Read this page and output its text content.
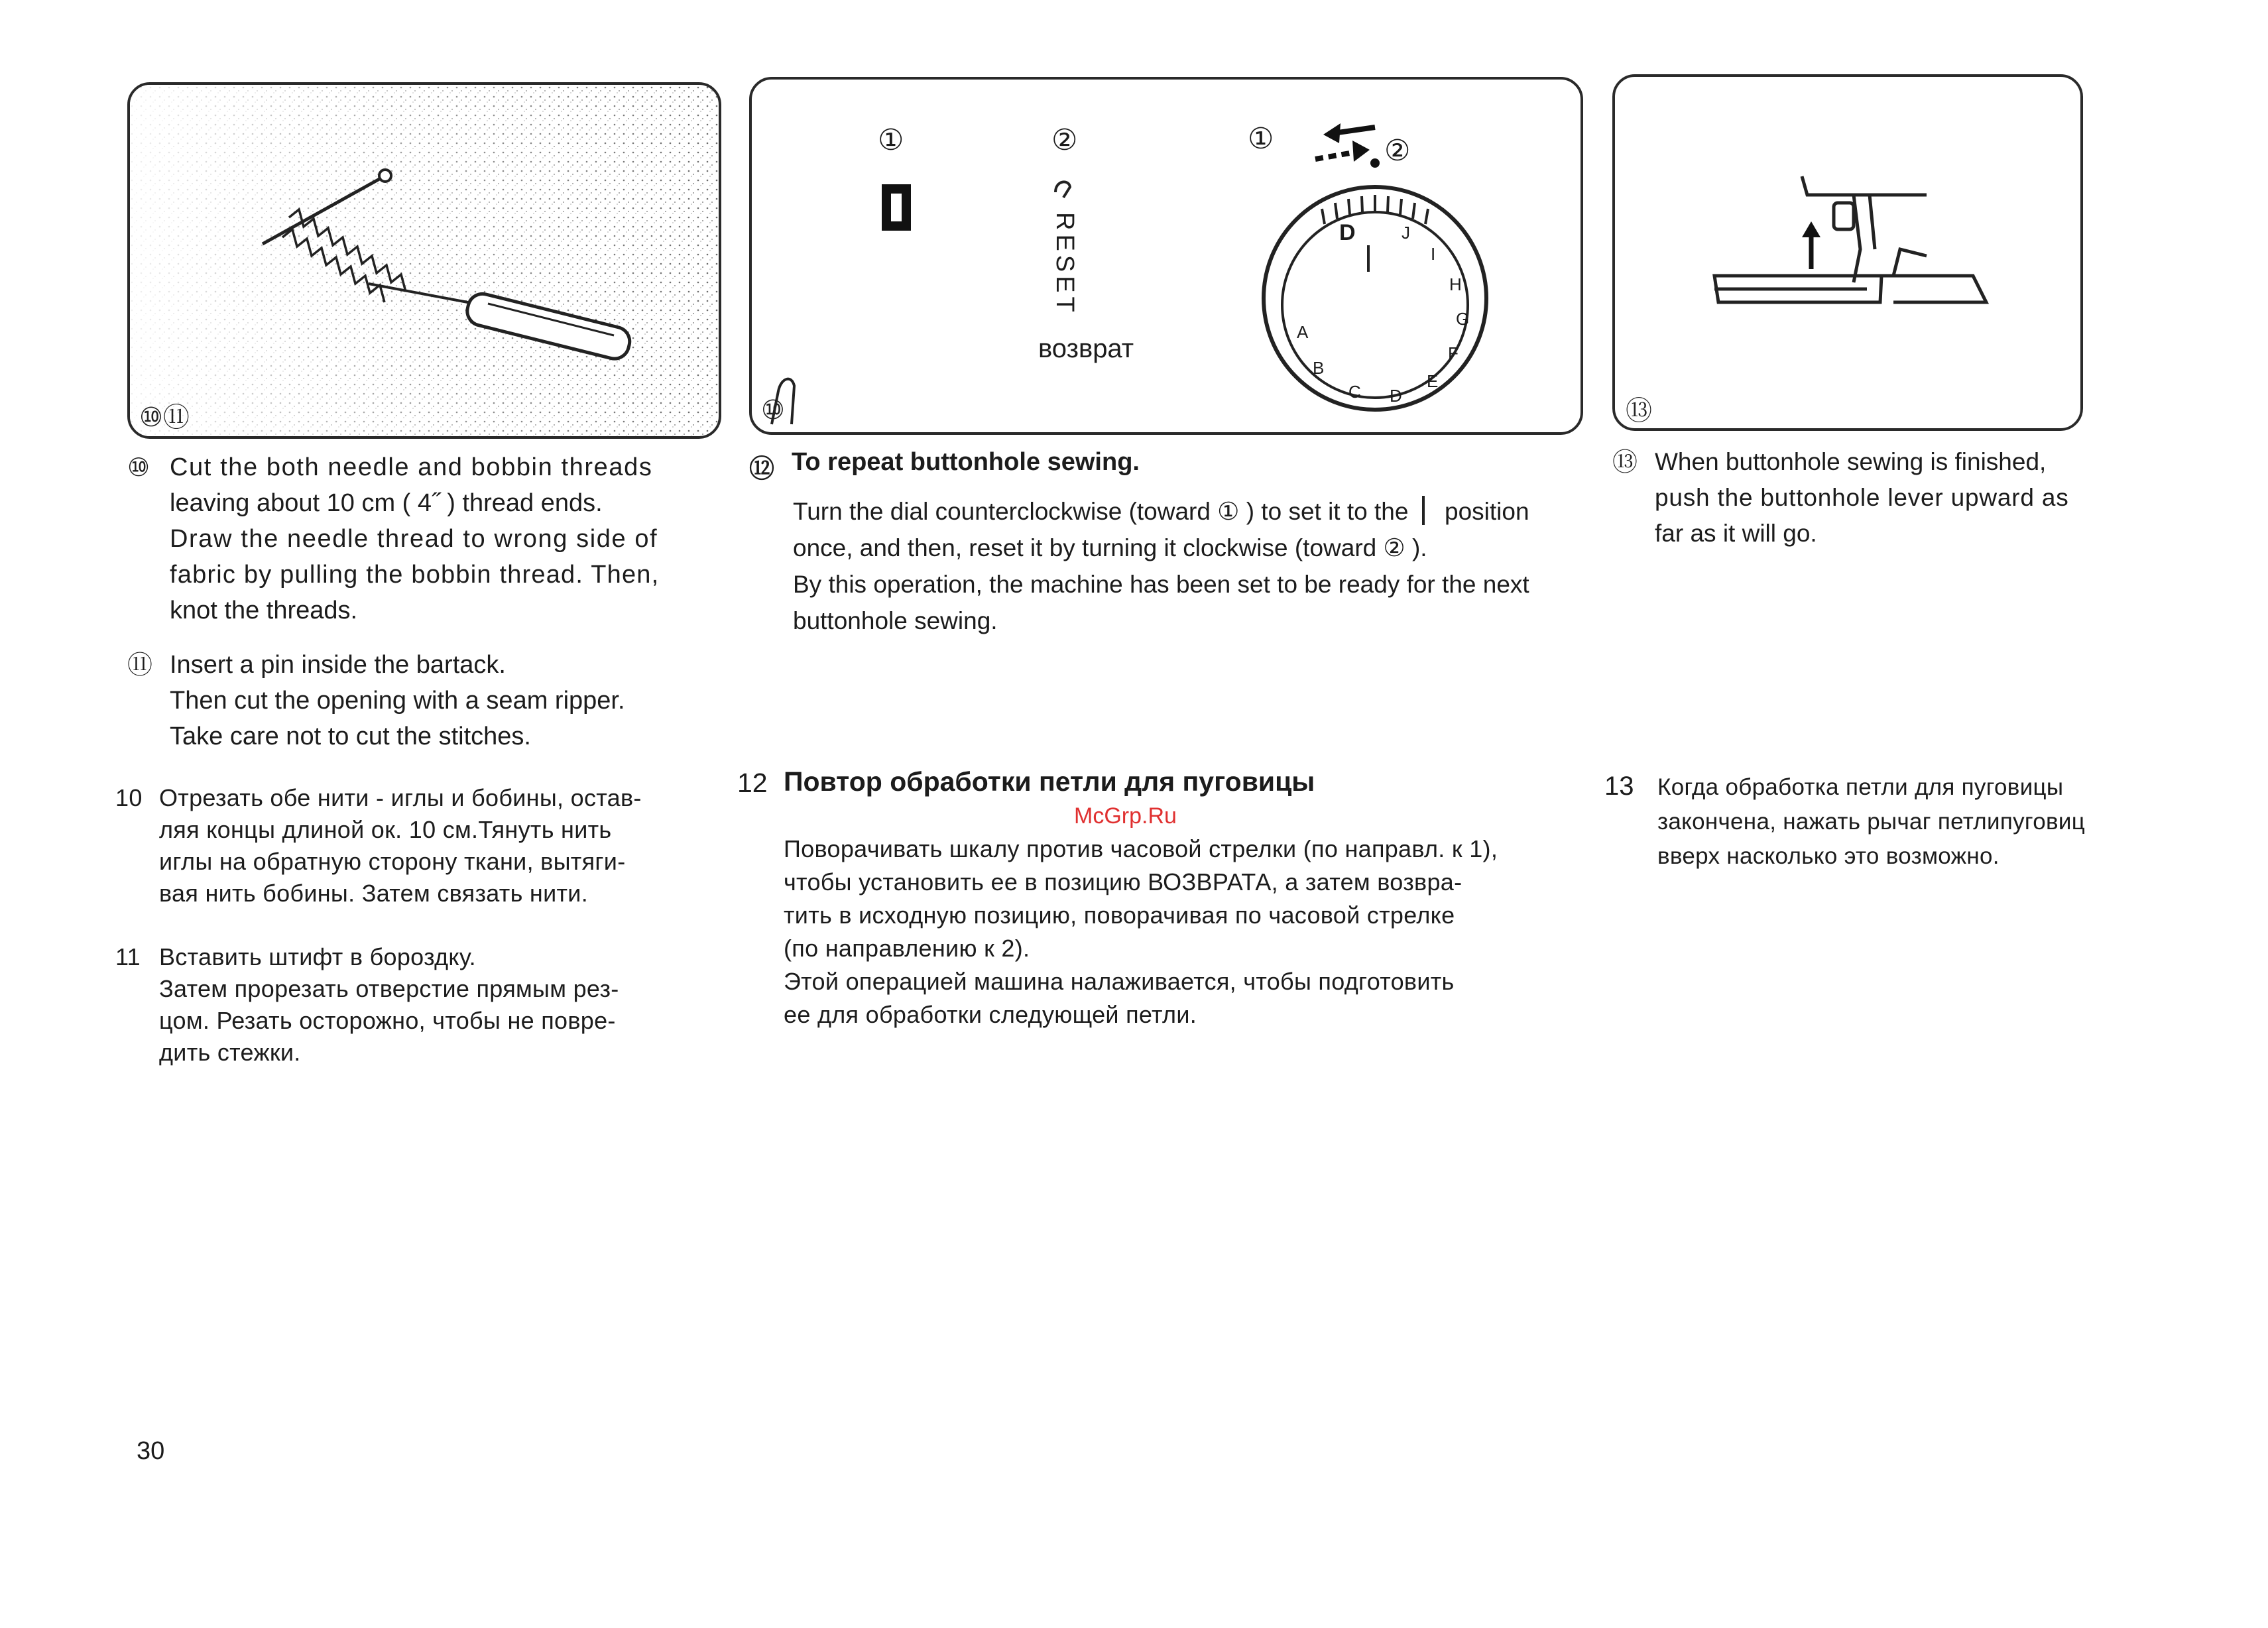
⑩⑪
①	②	①	②
RESET
возврат
D	J
I
H
G
F
E
D
C
B
A
⑩	⑬
⑩ Cut the both needle and bobbin threads
leaving about 10 cm ( 4˝ ) thread ends.
Draw the needle thread to wrong side of
fabric by pulling the bobbin thread. Then,
knot the threads.
⑪ Insert a pin inside the bartack.
Then cut the opening with a seam ripper.
Take care not to cut the stitches.
⑫ To repeat buttonhole sewing.
Turn the dial counterclockwise (toward ① ) to set it to the  position
once, and then, reset it by turning it clockwise (toward ② ).
By this operation, the machine has been set to be ready for the next
buttonhole sewing.
⑬ When buttonhole sewing is finished,
push the buttonhole lever upward as
far as it will go.
10 Отрезать обе нити - иглы и бобины, остав-
ляя концы длиной ок. 10 см.Тянуть нить
иглы на обратную сторону ткани, вытяги-
вая нить бобины. Затем связать нити.
11 Вставить штифт в бороздку.
Затем прорезать отверстие прямым рез-
цом. Резать осторожно, чтобы не повре-
дить стежки.
12 Повтор обработки петли для пуговицы
McGrp.Ru
Поворачивать шкалу против часовой стрелки (по направл. к 1),
чтобы установить ее в позицию ВОЗВРАТА, а затем возвра-
тить в исходную позицию, поворачивая по часовой стрелке
(по направлению к 2).
Этой операцией машина налаживается, чтобы подготовить
ее для обработки следующей петли.
13 Когда обработка петли для пуговицы
закончена, нажать рычаг петлипуговиц
вверх насколько это возможно.
30
